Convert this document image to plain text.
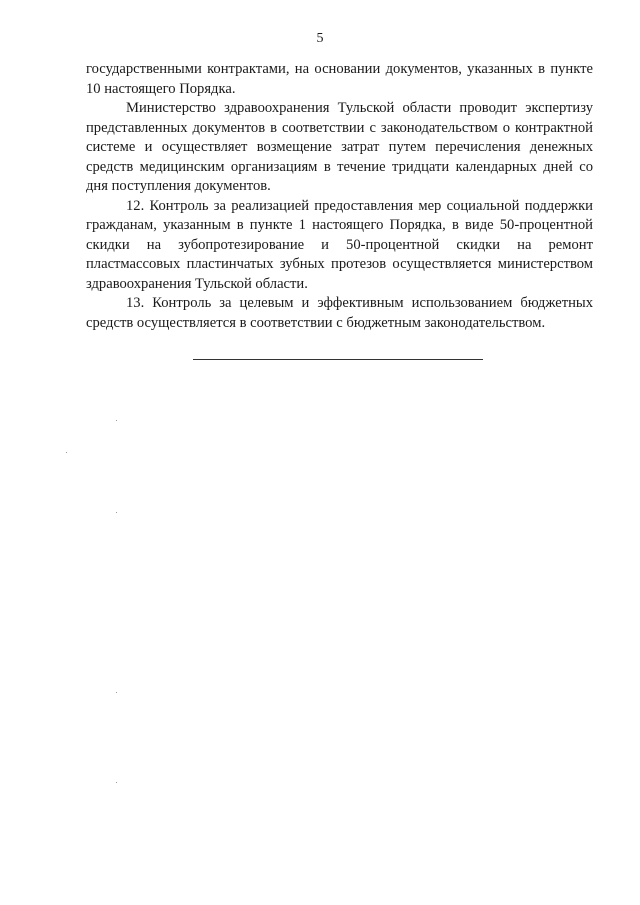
5

государственными контрактами, на основании документов, указанных в пункте 10 настоящего Порядка.

Министерство здравоохранения Тульской области проводит экспертизу представленных документов в соответствии с законодательством о контрактной системе и осуществляет возмещение затрат путем перечисления денежных средств медицинским организациям в течение тридцати календарных дней со дня поступления документов.

12. Контроль за реализацией предоставления мер социальной поддержки гражданам, указанным в пункте 1 настоящего Порядка, в виде 50-процентной скидки на зубопротезирование и 50-процентной скидки на ремонт пластмассовых пластинчатых зубных протезов осуществляется министерством здравоохранения Тульской области.

13. Контроль за целевым и эффективным использованием бюджетных средств осуществляется в соответствии с бюджетным законодательством.
